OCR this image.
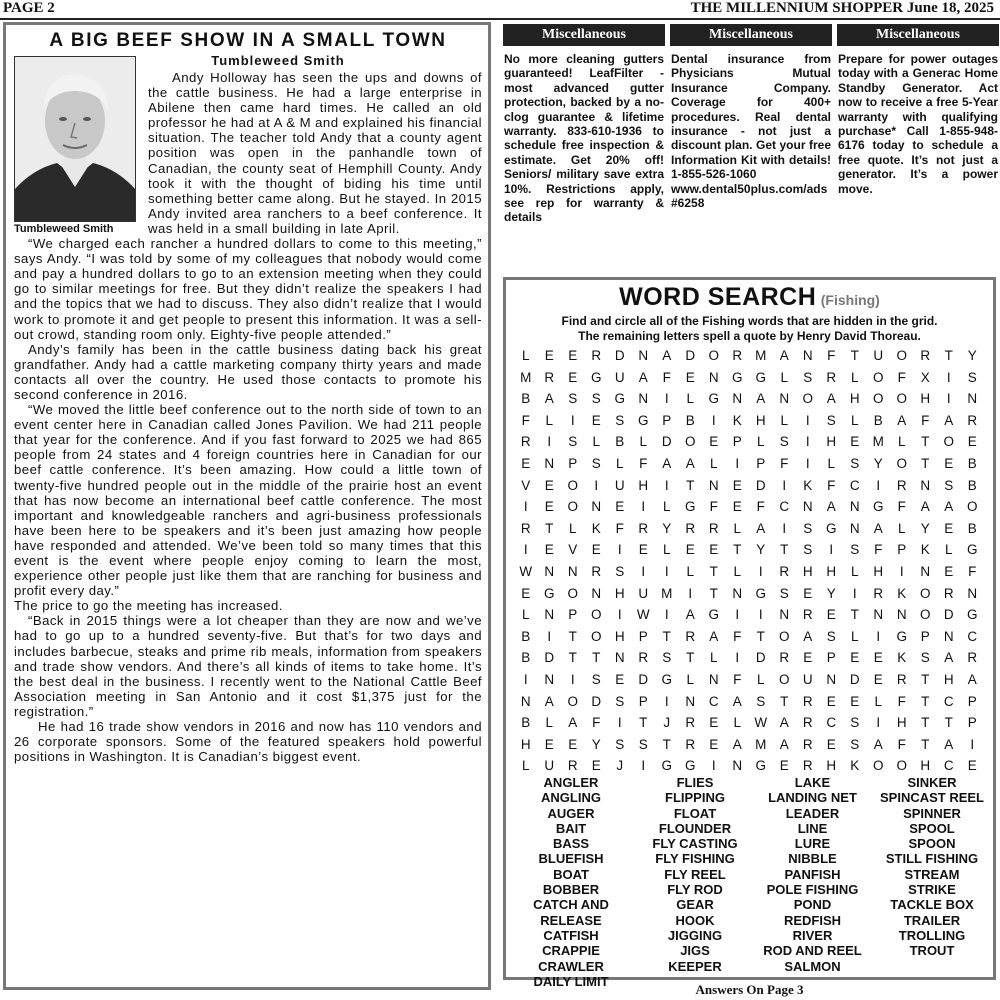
PAGE 2	THE MILLENNIUM SHOPPER June 18, 2025
A BIG BEEF SHOW IN A SMALL TOWN
Tumbleweed Smith
Tumbleweed Smith

Andy Holloway has seen the ups and downs of the cattle business. He had a large enterprise in Abilene then came hard times. He called an old professor he had at A & M and explained his financial situation. The teacher told Andy that a county agent position was open in the panhandle town of Canadian, the county seat of Hemphill County. Andy took it with the thought of biding his time until something better came along. But he stayed. In 2015 Andy invited area ranchers to a beef conference. It was held in a small building in late April.

“We charged each rancher a hundred dollars to come to this meeting,” says Andy. “I was told by some of my colleagues that nobody would come and pay a hundred dollars to go to an extension meeting when they could go to similar meetings for free. But they didn’t realize the speakers I had and the topics that we had to discuss. They also didn’t realize that I would work to promote it and get people to present this information. It was a sell-out crowd, standing room only. Eighty-five people attended.”

Andy’s family has been in the cattle business dating back his great grandfather. Andy had a cattle marketing company thirty years and made contacts all over the country. He used those contacts to promote his second conference in 2016.

“We moved the little beef conference out to the north side of town to an event center here in Canadian called Jones Pavilion. We had 211 people that year for the conference. And if you fast forward to 2025 we had 865 people from 24 states and 4 foreign countries here in Canadian for our beef cattle conference. It’s been amazing. How could a little town of twenty-five hundred people out in the middle of the prairie host an event that has now become an international beef cattle conference. The most important and knowledgeable ranchers and agri-business professionals have been here to be speakers and it’s been just amazing how people have responded and attended. We’ve been told so many times that this event is the event where people enjoy coming to learn the most, experience other people just like them that are ranching for business and profit every day.”

The price to go the meeting has increased.

“Back in 2015 things were a lot cheaper than they are now and we’ve had to go up to a hundred seventy-five. But that’s for two days and includes barbecue, steaks and prime rib meals, information from speakers and trade show vendors. And there’s all kinds of items to take home. It’s the best deal in the business. I recently went to the National Cattle Beef Association meeting in San Antonio and it cost $1,375 just for the registration.”

He had 16 trade show vendors in 2016 and now has 110 vendors and 26 corporate sponsors. Some of the featured speakers hold powerful positions in Washington. It is Canadian’s biggest event.

Miscellaneous
No more cleaning gutters guaranteed! LeafFilter - most advanced gutter protection, backed by a no-clog guarantee & lifetime warranty. 833-610-1936 to schedule free inspection & estimate. Get 20% off! Seniors/ military save extra 10%. Restrictions apply, see rep for warranty & details
Miscellaneous
Dental insurance from Physicians Mutual Insurance Company. Coverage for 400+ procedures. Real dental insurance - not just a discount plan. Get your free Information Kit with details! 1-855-526-1060 www.dental50plus.com/ads #6258
Miscellaneous
Prepare for power outages today with a Generac Home Standby Generator. Act now to receive a free 5-Year warranty with qualifying purchase* Call 1-855-948-6176 today to schedule a free quote. It’s not just a generator. It’s a power move.
WORD SEARCH (Fishing)
Find and circle all of the Fishing words that are hidden in the grid.
The remaining letters spell a quote by Henry David Thoreau.
L	E	E	R	D	N	A	D O R M A	N	F	T	U O R	T	Y
M R	E	G U	A	F	E	N G G	L	S	R	L	O	F	X	I	S
B	A	S	S	G N	I	L	G N	A	N O	A	H O O H	I	N
F	L	I	E	S	G	P	B	I	K	H	L	I	S	L	B	A	F	A	R
R	I	S	L	B	L	D O	E	P	L	S	I	H	E M	L	T	O	E
E	N	P	S	L	F	A	A	L	I	P	F	I	L	S	Y	O	T	E	B
V	E	O	I	U	H	I	T	N	E	D	I	K	F	C	I	R	N	S	B
I	E	O N	E	I	L	G	F	E	F	C	N	A	N G	F	A	A	O
R	T	L	K	F	R	Y	R	R	L	A	I	S	G N	A	L	Y	E	B
I	E	V	E	I	E	L	E	E	T	Y	T	S	I	S	F	P	K	L	G
W N	N	R	S	I	I	L	T	L	I	R	H	H	L	H	I	N	E	F
E	G O N	H	U M	I	T	N G	S	E	Y	I	R	K	O R	N
L	N	P	O	I	W	I	A	G	I	I	N	R	E	T	N	N O D G
B	I	T	O H	P	T	R	A	F	T	O	A	S	L	I	G	P	N	C
B	D	T	T	N	R	S	T	L	I	D	R	E	P	E	E	K	S	A	R
I	N	I	S	E	D G	L	N	F	L	O U	N	D	E	R	T	H	A
N	A	O D	S	P	I	N	C	A	S	T	R	E	E	L	F	T	C	P
B	L	A	F	I	T	J	R	E	L W A	R	C	S	I	H	T	T	P
H	E	E	Y	S	S	T	R	E	A M A	R	E	S	A	F	T	A	I
L	U	R	E	J	I	G G	I	N G	E	R	H	K	O O H	C	E
ANGLER
ANGLING
AUGER
BAIT
BASS
BLUEFISH
BOAT
BOBBER
CATCH AND RELEASE
CATFISH
CRAPPIE
CRAWLER
DAILY LIMIT
FLIES
FLIPPING
FLOAT
FLOUNDER
FLY CASTING
FLY FISHING
FLY REEL
FLY ROD
GEAR
HOOK
JIGGING
JIGS
KEEPER
LAKE
LANDING NET
LEADER
LINE
LURE
NIBBLE
PANFISH
POLE FISHING
POND
REDFISH
RIVER
ROD AND REEL
SALMON
SINKER
SPINCAST REEL
SPINNER
SPOOL
SPOON
STILL FISHING
STREAM
STRIKE
TACKLE BOX
TRAILER
TROLLING
TROUT
Answers On Page 3
